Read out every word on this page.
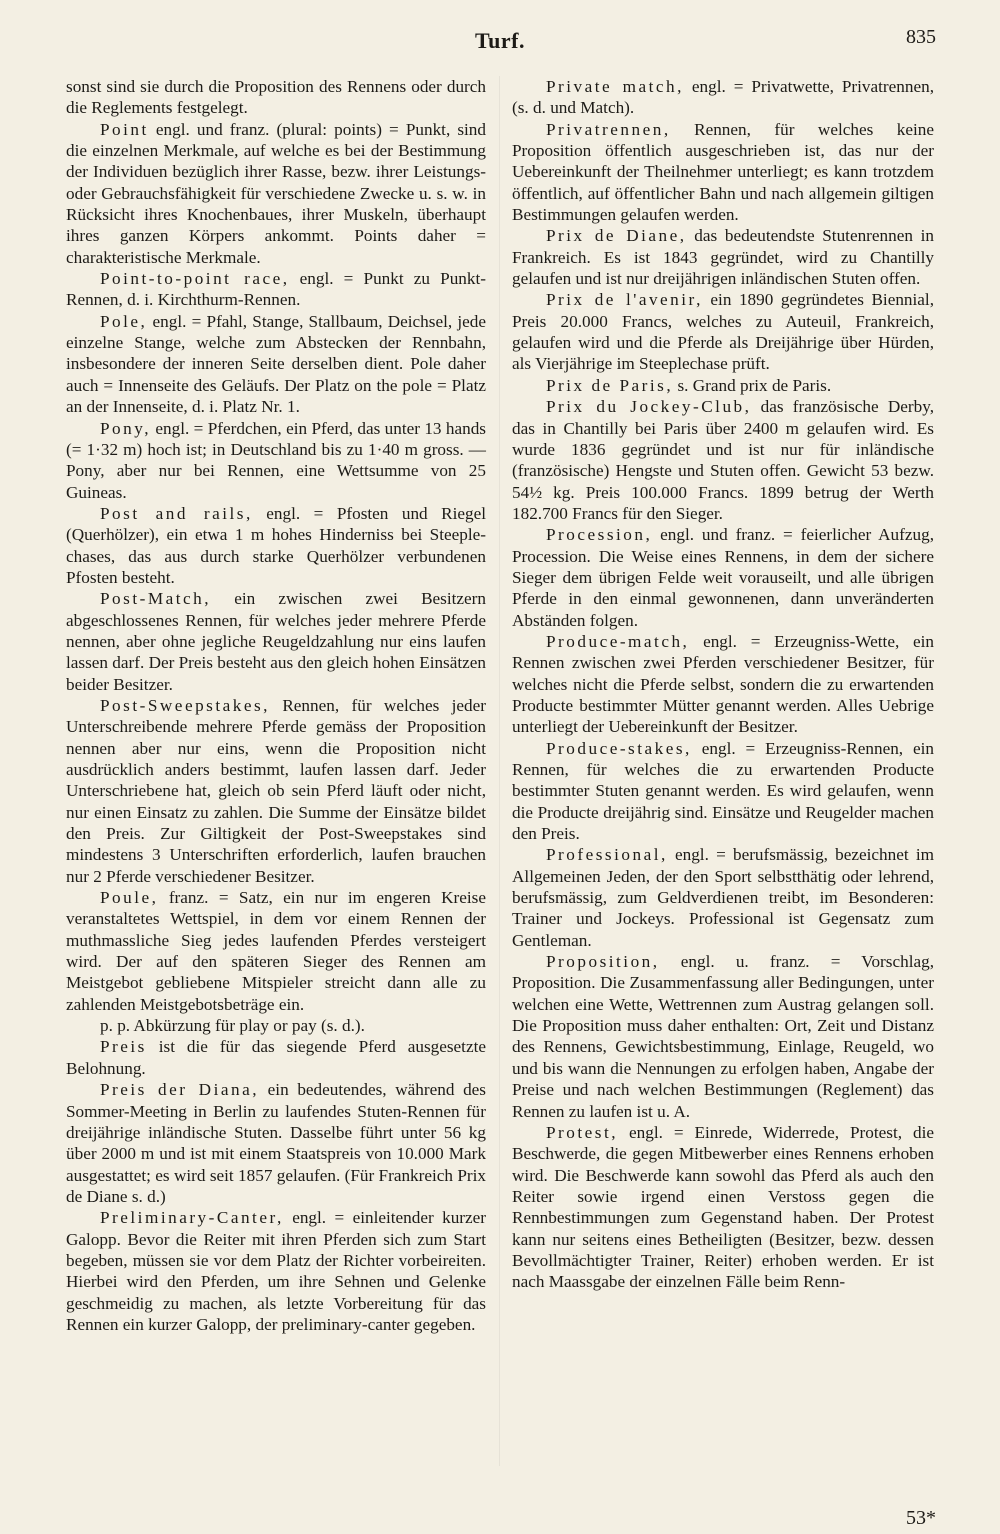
Turf.	835

sonst sind sie durch die Proposition des Rennens oder durch die Reglements festgelegt.

Point engl. und franz. (plural: points) = Punkt, sind die einzelnen Merkmale, auf welche es bei der Bestimmung der Individuen bezüglich ihrer Rasse, bezw. ihrer Leistungs- oder Gebrauchsfähigkeit für verschiedene Zwecke u. s. w. in Rücksicht ihres Knochenbaues, ihrer Muskeln, überhaupt ihres ganzen Körpers ankommt. Points daher = charakteristische Merkmale.

Point-to-point race, engl. = Punkt zu Punkt-Rennen, d. i. Kirchthurm-Rennen.

Pole, engl. = Pfahl, Stange, Stallbaum, Deichsel, jede einzelne Stange, welche zum Abstecken der Rennbahn, insbesondere der inneren Seite derselben dient. Pole daher auch = Innenseite des Geläufs. Der Platz on the pole = Platz an der Innenseite, d. i. Platz Nr. 1.

Pony, engl. = Pferdchen, ein Pferd, das unter 13 hands (= 1·32 m) hoch ist; in Deutschland bis zu 1·40 m gross. — Pony, aber nur bei Rennen, eine Wettsumme von 25 Guineas.

Post and rails, engl. = Pfosten und Riegel (Querhölzer), ein etwa 1 m hohes Hinderniss bei Steeple-chases, das aus durch starke Querhölzer verbundenen Pfosten besteht.

Post-Match, ein zwischen zwei Besitzern abgeschlossenes Rennen, für welches jeder mehrere Pferde nennen, aber ohne jegliche Reugeldzahlung nur eins laufen lassen darf. Der Preis besteht aus den gleich hohen Einsätzen beider Besitzer.

Post-Sweepstakes, Rennen, für welches jeder Unterschreibende mehrere Pferde gemäss der Proposition nennen aber nur eins, wenn die Proposition nicht ausdrücklich anders bestimmt, laufen lassen darf. Jeder Unterschriebene hat, gleich ob sein Pferd läuft oder nicht, nur einen Einsatz zu zahlen. Die Summe der Einsätze bildet den Preis. Zur Giltigkeit der Post-Sweepstakes sind mindestens 3 Unterschriften erforderlich, laufen brauchen nur 2 Pferde verschiedener Besitzer.

Poule, franz. = Satz, ein nur im engeren Kreise veranstaltetes Wettspiel, in dem vor einem Rennen der muthmassliche Sieg jedes laufenden Pferdes versteigert wird. Der auf den späteren Sieger des Rennen am Meistgebot gebliebene Mitspieler streicht dann alle zu zahlenden Meistgebotsbeträge ein.

p. p. Abkürzung für play or pay (s. d.).

Preis ist die für das siegende Pferd ausgesetzte Belohnung.

Preis der Diana, ein bedeutendes, während des Sommer-Meeting in Berlin zu laufendes Stuten-Rennen für dreijährige inländische Stuten. Dasselbe führt unter 56 kg über 2000 m und ist mit einem Staatspreis von 10.000 Mark ausgestattet; es wird seit 1857 gelaufen. (Für Frankreich Prix de Diane s. d.)

Preliminary-Canter, engl. = einleitender kurzer Galopp. Bevor die Reiter mit ihren Pferden sich zum Start begeben, müssen sie vor dem Platz der Richter vorbeireiten. Hierbei wird den Pferden, um ihre Sehnen und Gelenke geschmeidig zu machen, als letzte Vorbereitung für das Rennen ein kurzer Galopp, der preliminary-canter gegeben.

Private match, engl. = Privatwette, Privatrennen, (s. d. und Match).

Privatrennen, Rennen, für welches keine Proposition öffentlich ausgeschrieben ist, das nur der Uebereinkunft der Theilnehmer unterliegt; es kann trotzdem öffentlich, auf öffentlicher Bahn und nach allgemein giltigen Bestimmungen gelaufen werden.

Prix de Diane, das bedeutendste Stutenrennen in Frankreich. Es ist 1843 gegründet, wird zu Chantilly gelaufen und ist nur dreijährigen inländischen Stuten offen.

Prix de l'avenir, ein 1890 gegründetes Biennial, Preis 20.000 Francs, welches zu Auteuil, Frankreich, gelaufen wird und die Pferde als Dreijährige über Hürden, als Vierjährige im Steeplechase prüft.

Prix de Paris, s. Grand prix de Paris.

Prix du Jockey-Club, das französische Derby, das in Chantilly bei Paris über 2400 m gelaufen wird. Es wurde 1836 gegründet und ist nur für inländische (französische) Hengste und Stuten offen. Gewicht 53 bezw. 54½ kg. Preis 100.000 Francs. 1899 betrug der Werth 182.700 Francs für den Sieger.

Procession, engl. und franz. = feierlicher Aufzug, Procession. Die Weise eines Rennens, in dem der sichere Sieger dem übrigen Felde weit vorauseilt, und alle übrigen Pferde in den einmal gewonnenen, dann unveränderten Abständen folgen.

Produce-match, engl. = Erzeugniss-Wette, ein Rennen zwischen zwei Pferden verschiedener Besitzer, für welches nicht die Pferde selbst, sondern die zu erwartenden Producte bestimmter Mütter genannt werden. Alles Uebrige unterliegt der Uebereinkunft der Besitzer.

Produce-stakes, engl. = Erzeugniss-Rennen, ein Rennen, für welches die zu erwartenden Producte bestimmter Stuten genannt werden. Es wird gelaufen, wenn die Producte dreijährig sind. Einsätze und Reugelder machen den Preis.

Professional, engl. = berufsmässig, bezeichnet im Allgemeinen Jeden, der den Sport selbstthätig oder lehrend, berufsmässig, zum Geldverdienen treibt, im Besonderen: Trainer und Jockeys. Professional ist Gegensatz zum Gentleman.

Proposition, engl. u. franz. = Vorschlag, Proposition. Die Zusammenfassung aller Bedingungen, unter welchen eine Wette, Wettrennen zum Austrag gelangen soll. Die Proposition muss daher enthalten: Ort, Zeit und Distanz des Rennens, Gewichtsbestimmung, Einlage, Reugeld, wo und bis wann die Nennungen zu erfolgen haben, Angabe der Preise und nach welchen Bestimmungen (Reglement) das Rennen zu laufen ist u. A.

Protest, engl. = Einrede, Widerrede, Protest, die Beschwerde, die gegen Mitbewerber eines Rennens erhoben wird. Die Beschwerde kann sowohl das Pferd als auch den Reiter sowie irgend einen Verstoss gegen die Rennbestimmungen zum Gegenstand haben. Der Protest kann nur seitens eines Betheiligten (Besitzer, bezw. dessen Bevollmächtigter Trainer, Reiter) erhoben werden. Er ist nach Maassgabe der einzelnen Fälle beim Renn-

53*
